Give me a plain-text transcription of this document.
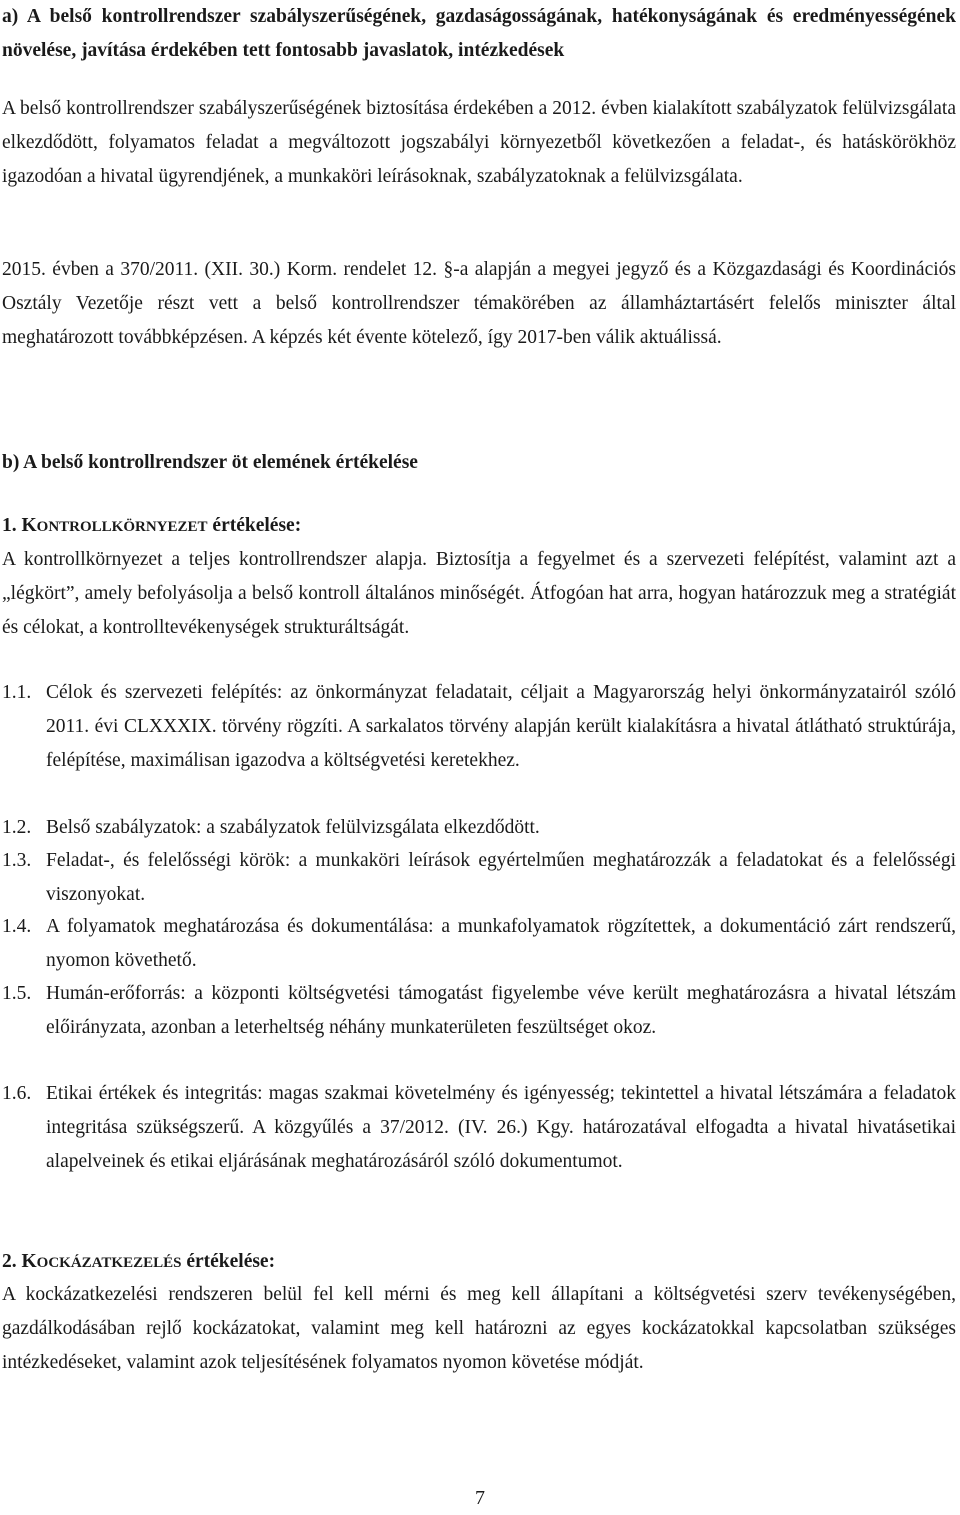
a) A belső kontrollrendszer szabályszerűségének, gazdaságosságának, hatékonyságának és eredményességének növelése, javítása érdekében tett fontosabb javaslatok, intézkedések

A belső kontrollrendszer szabályszerűségének biztosítása érdekében a 2012. évben kialakított szabályzatok felülvizsgálata elkezdődött, folyamatos feladat a megváltozott jogszabályi környezetből következően a feladat-, és hatáskörökhöz igazodóan a hivatal ügyrendjének, a munkaköri leírásoknak, szabályzatoknak a felülvizsgálata.

2015. évben a 370/2011. (XII. 30.) Korm. rendelet 12. §-a alapján a megyei jegyző és a Közgazdasági és Koordinációs Osztály Vezetője részt vett a belső kontrollrendszer témakörében az államháztartásért felelős miniszter által meghatározott továbbképzésen. A képzés két évente kötelező, így 2017-ben válik aktuálissá.

b) A belső kontrollrendszer öt elemének értékelése

1. KONTROLLKÖRNYEZET értékelése:

A kontrollkörnyezet a teljes kontrollrendszer alapja. Biztosítja a fegyelmet és a szervezeti felépítést, valamint azt a „légkört”, amely befolyásolja a belső kontroll általános minőségét. Átfogóan hat arra, hogyan határozzuk meg a stratégiát és célokat, a kontrolltevékenységek strukturáltságát.

1.1. Célok és szervezeti felépítés: az önkormányzat feladatait, céljait a Magyarország helyi önkormányzatairól szóló 2011. évi CLXXXIX. törvény rögzíti. A sarkalatos törvény alapján került kialakításra a hivatal átlátható struktúrája, felépítése, maximálisan igazodva a költségvetési keretekhez.
1.2. Belső szabályzatok: a szabályzatok felülvizsgálata elkezdődött.
1.3. Feladat-, és felelősségi körök: a munkaköri leírások egyértelműen meghatározzák a feladatokat és a felelősségi viszonyokat.
1.4. A folyamatok meghatározása és dokumentálása: a munkafolyamatok rögzítettek, a dokumentáció zárt rendszerű, nyomon követhető.
1.5. Humán-erőforrás: a központi költségvetési támogatást figyelembe véve került meghatározásra a hivatal létszám előirányzata, azonban a leterheltség néhány munkaterületen feszültséget okoz.
1.6. Etikai értékek és integritás: magas szakmai követelmény és igényesség; tekintettel a hivatal létszámára a feladatok integritása szükségszerű. A közgyűlés a 37/2012. (IV. 26.) Kgy. határozatával elfogadta a hivatal hivatásetikai alapelveinek és etikai eljárásának meghatározásáról szóló dokumentumot.

2. KOCKÁZATKEZELÉS értékelése:

A kockázatkezelési rendszeren belül fel kell mérni és meg kell állapítani a költségvetési szerv tevékenységében, gazdálkodásában rejlő kockázatokat, valamint meg kell határozni az egyes kockázatokkal kapcsolatban szükséges intézkedéseket, valamint azok teljesítésének folyamatos nyomon követése módját.

7
